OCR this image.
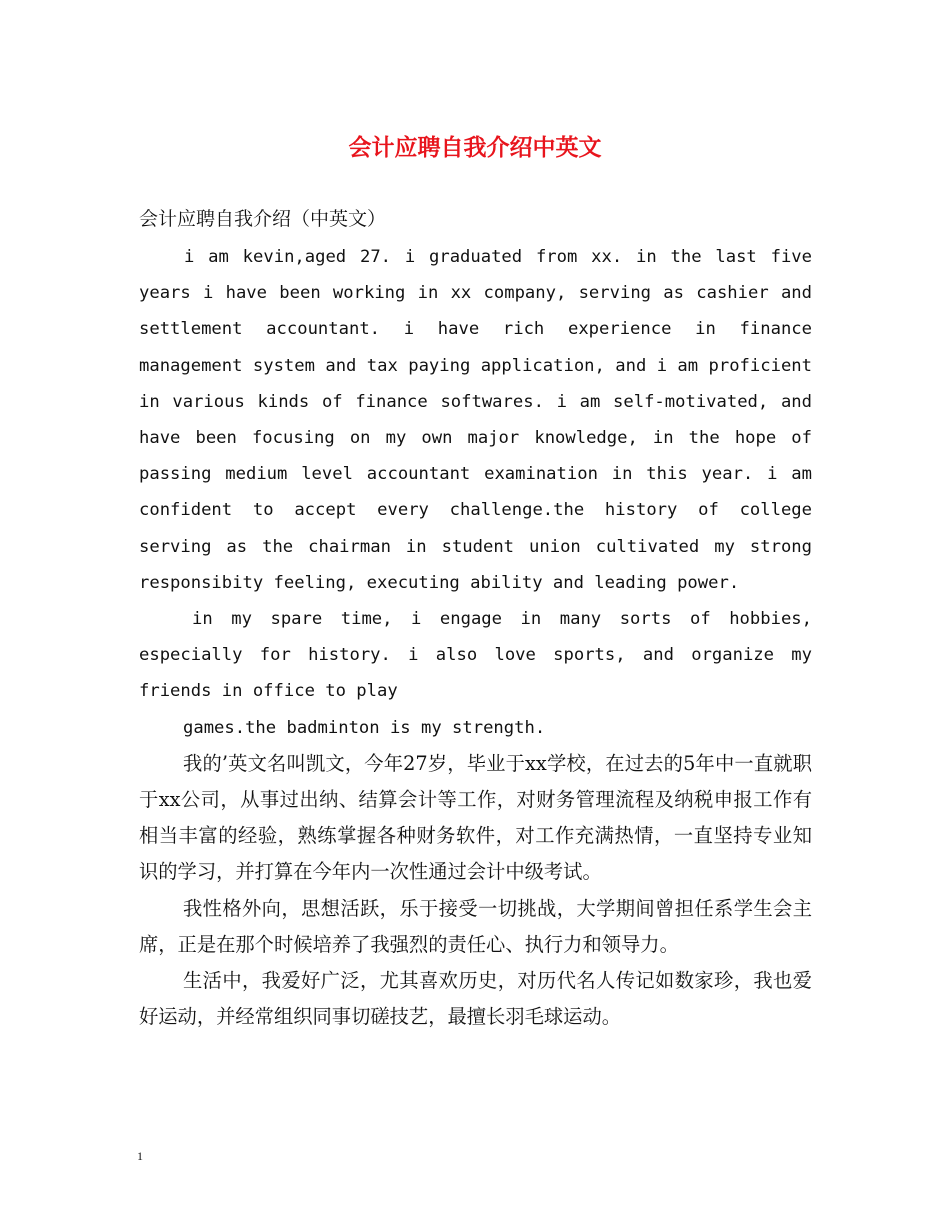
会计应聘自我介绍中英文
会计应聘自我介绍（中英文）

i am kevin,aged 27. i graduated from xx. in the last five years i have been working in xx company, serving as cashier and settlement accountant. i have rich experience in finance management system and tax paying application, and i am proficient in various kinds of finance softwares. i am self-motivated, and have been focusing on my own major knowledge, in the hope of passing medium level accountant examination in this year. i am confident to accept every challenge.the history of college serving as the chairman in student union cultivated my strong responsibity feeling, executing ability and leading power.

in my spare time, i engage in many sorts of hobbies, especially for history. i also love sports, and organize my friends in office to play

games.the badminton is my strength.

我的’英文名叫凯文，今年27岁，毕业于xx学校，在过去的5年中一直就职于xx公司，从事过出纳、结算会计等工作，对财务管理流程及纳税申报工作有相当丰富的经验，熟练掌握各种财务软件，对工作充满热情，一直坚持专业知识的学习，并打算在今年内一次性通过会计中级考试。

我性格外向，思想活跃，乐于接受一切挑战，大学期间曾担任系学生会主席，正是在那个时候培养了我强烈的责任心、执行力和领导力。

生活中，我爱好广泛，尤其喜欢历史，对历代名人传记如数家珍，我也爱好运动，并经常组织同事切磋技艺，最擅长羽毛球运动。

1
